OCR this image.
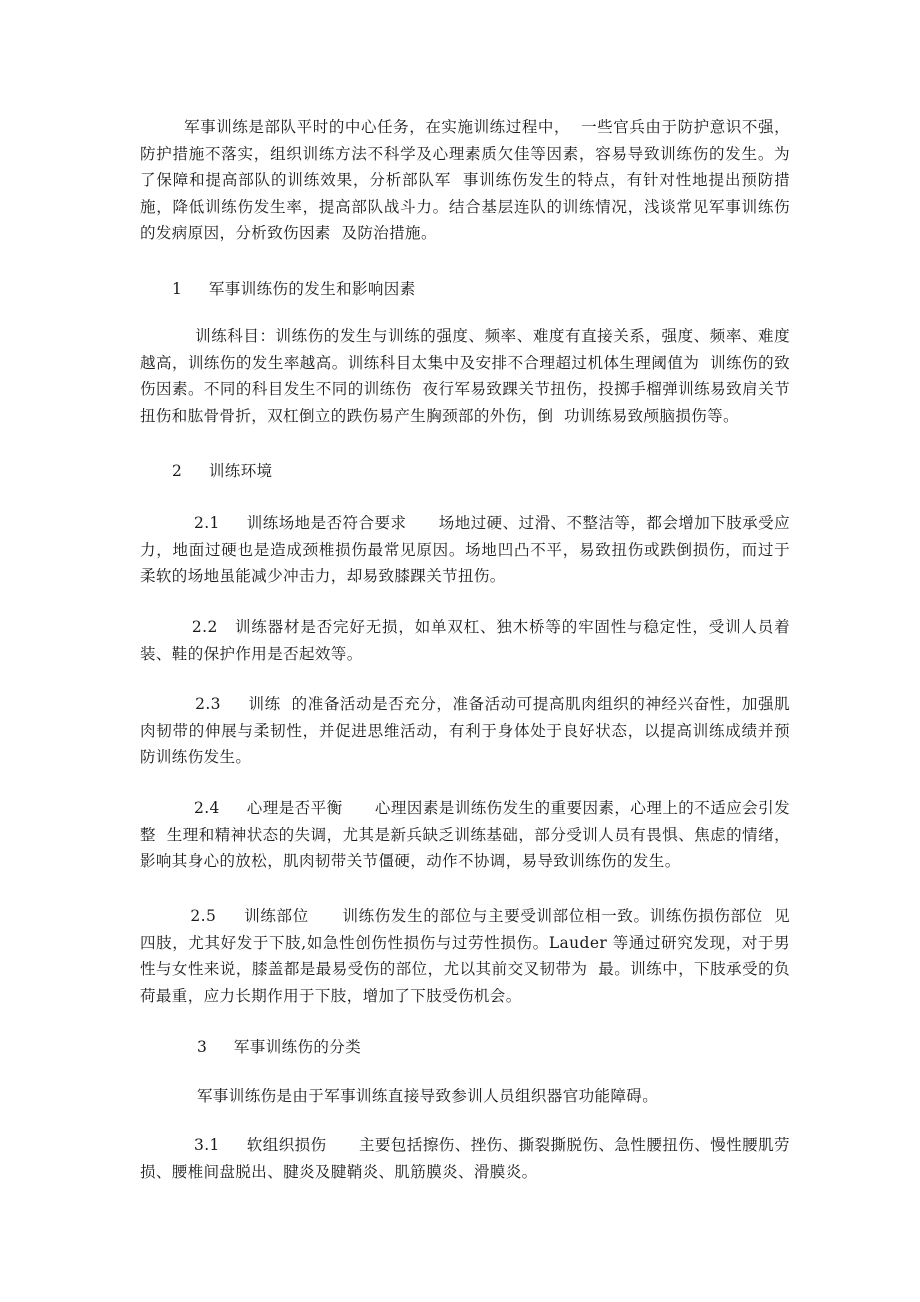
军事训练是部队平时的中心任务，在实施训练过程中，  一些官兵由于防护意识不强，防护措施不落实，组织训练方法不科学及心理素质欠佳等因素，容易导致训练伤的发生。为了保障和提高部队的训练效果，分析部队军  事训练伤发生的特点，有针对性地提出预防措施，降低训练伤发生率，提高部队战斗力。结合基层连队的训练情况，浅谈常见军事训练伤的发病原因，分析致伤因素  及防治措施。

1     军事训练伤的发生和影响因素

训练科目：训练伤的发生与训练的强度、频率、难度有直接关系，强度、频率、难度越高，训练伤的发生率越高。训练科目太集中及安排不合理超过机体生理阈值为  训练伤的致伤因素。不同的科目发生不同的训练伤  夜行军易致踝关节扭伤，投掷手榴弹训练易致肩关节扭伤和肱骨骨折，双杠倒立的跌伤易产生胸颈部的外伤，倒  功训练易致颅脑损伤等。

2     训练环境

2.1     训练场地是否符合要求      场地过硬、过滑、不整洁等，都会增加下肢承受应力，地面过硬也是造成颈椎损伤最常见原因。场地凹凸不平，易致扭伤或跌倒损伤，而过于柔软的场地虽能减少冲击力，却易致膝踝关节扭伤。

2.2   训练器材是否完好无损，如单双杠、独木桥等的牢固性与稳定性，受训人员着装、鞋的保护作用是否起效等。

2.3     训练  的准备活动是否充分，准备活动可提高肌肉组织的神经兴奋性，加强肌肉韧带的伸展与柔韧性，并促进思维活动，有利于身体处于良好状态，以提高训练成绩并预防训练伤发生。

2.4     心理是否平衡      心理因素是训练伤发生的重要因素，心理上的不适应会引发整  生理和精神状态的失调，尤其是新兵缺乏训练基础，部分受训人员有畏惧、焦虑的情绪，影响其身心的放松，肌肉韧带关节僵硬，动作不协调，易导致训练伤的发生。

2.5     训练部位      训练伤发生的部位与主要受训部位相一致。训练伤损伤部位  见四肢，尤其好发于下肢,如急性创伤性损伤与过劳性损伤。Lauder 等通过研究发现，对于男性与女性来说，膝盖都是最易受伤的部位，尤以其前交叉韧带为  最。训练中，下肢承受的负荷最重，应力长期作用于下肢，增加了下肢受伤机会。

3     军事训练伤的分类

军事训练伤是由于军事训练直接导致参训人员组织器官功能障碍。

3.1     软组织损伤      主要包括擦伤、挫伤、撕裂撕脱伤、急性腰扭伤、慢性腰肌劳损、腰椎间盘脱出、腱炎及腱鞘炎、肌筋膜炎、滑膜炎。
